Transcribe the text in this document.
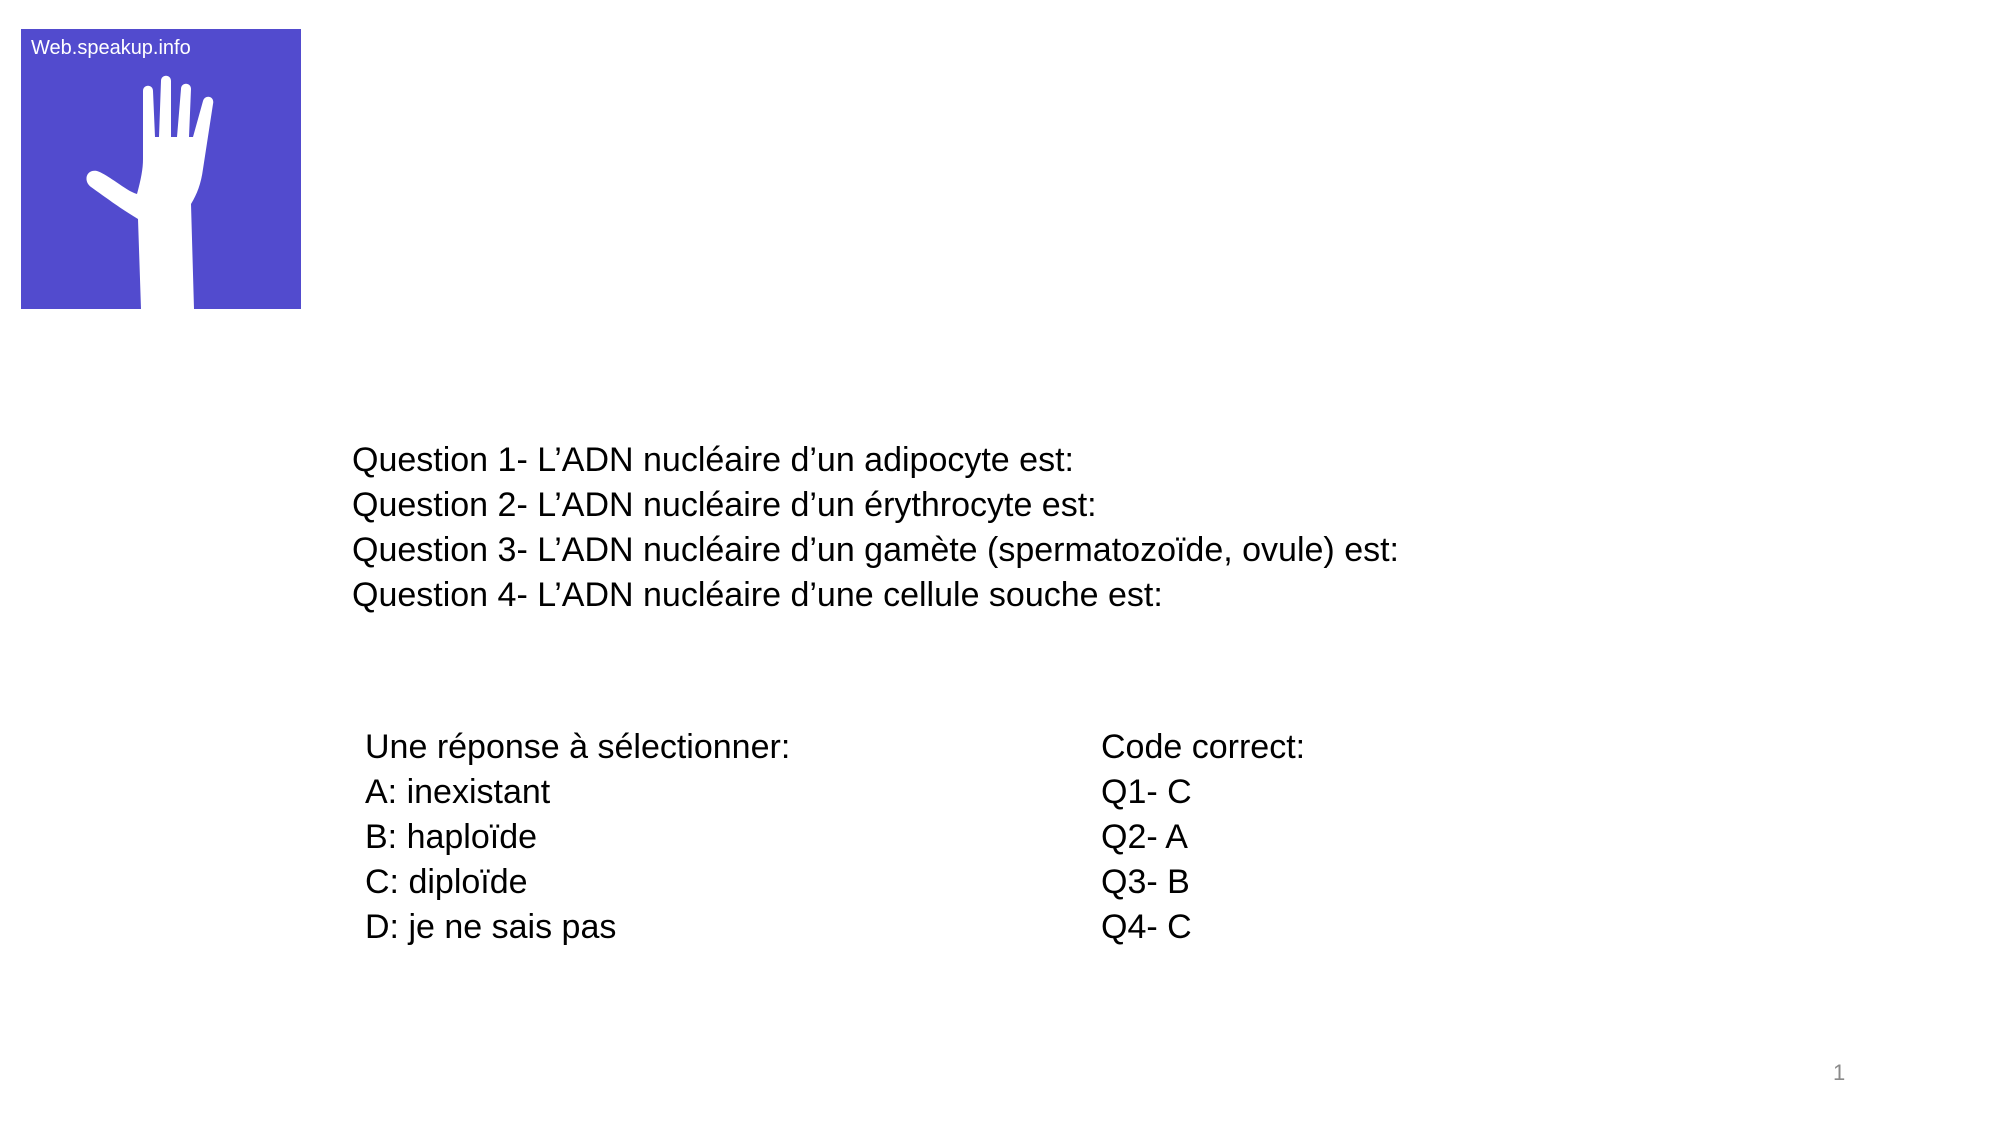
Web.speakup.info
Question 1- L’ADN nucléaire d’un adipocyte est:
Question 2- L’ADN nucléaire d’un érythrocyte est:
Question 3- L’ADN nucléaire d’un gamète (spermatozoïde, ovule) est:
Question 4- L’ADN nucléaire d’une cellule souche est:
Une réponse à sélectionner:
A: inexistant
B: haploïde
C: diploïde
D: je ne sais pas
Code correct:
Q1- C
Q2- A
Q3- B
Q4- C
1
